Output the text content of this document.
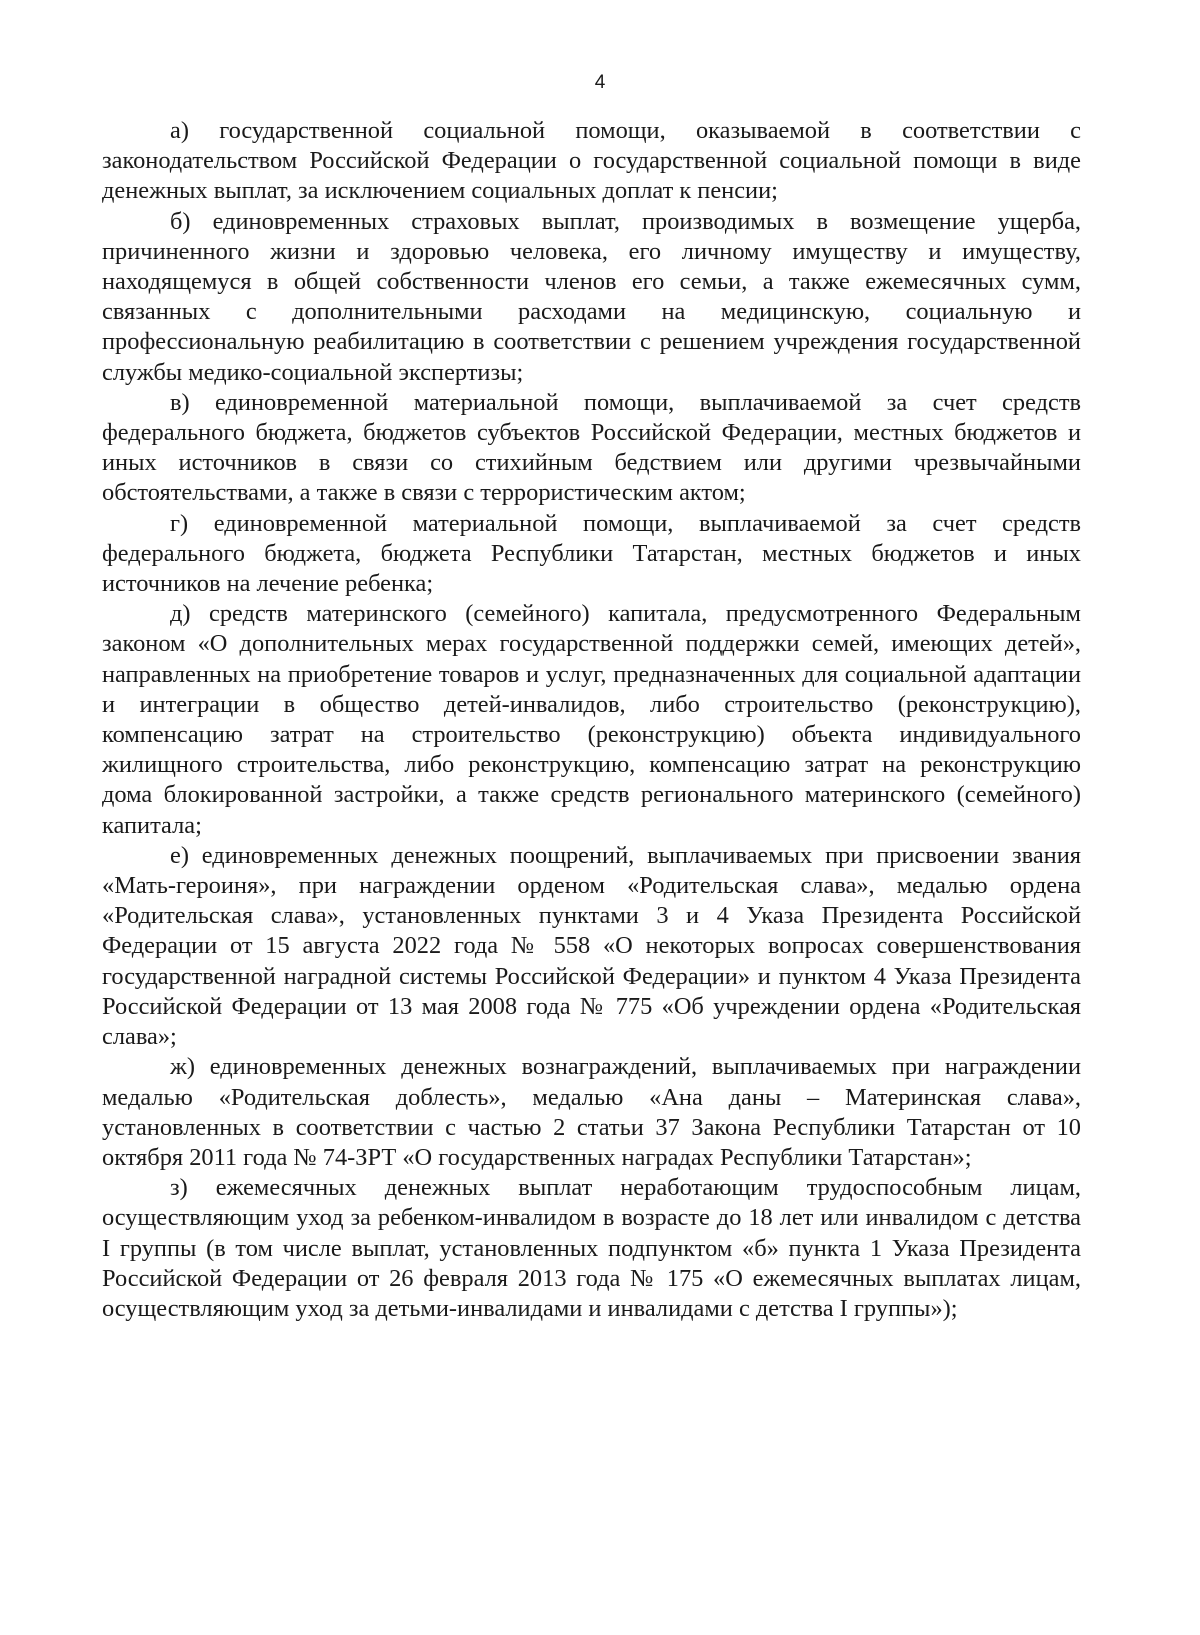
4

а) государственной социальной помощи, оказываемой в соответствии с законодательством Российской Федерации о государственной социальной помощи в виде денежных выплат, за исключением социальных доплат к пенсии;

б) единовременных страховых выплат, производимых в возмещение ущерба, причиненного жизни и здоровью человека, его личному имуществу и имуществу, находящемуся в общей собственности членов его семьи, а также ежемесячных сумм, связанных с дополнительными расходами на медицинскую, социальную и профессиональную реабилитацию в соответствии с решением учреждения государственной службы медико-социальной экспертизы;

в) единовременной материальной помощи, выплачиваемой за счет средств федерального бюджета, бюджетов субъектов Российской Федерации, местных бюджетов и иных источников в связи со стихийным бедствием или другими чрезвычайными обстоятельствами, а также в связи с террористическим актом;

г) единовременной материальной помощи, выплачиваемой за счет средств федерального бюджета, бюджета Республики Татарстан, местных бюджетов и иных источников на лечение ребенка;

д) средств материнского (семейного) капитала, предусмотренного Федеральным законом «О дополнительных мерах государственной поддержки семей, имеющих детей», направленных на приобретение товаров и услуг, предназначенных для социальной адаптации и интеграции в общество детей-инвалидов, либо строительство (реконструкцию), компенсацию затрат на строительство (реконструкцию) объекта индивидуального жилищного строительства, либо реконструкцию, компенсацию затрат на реконструкцию дома блокированной застройки, а также средств регионального материнского (семейного) капитала;

е) единовременных денежных поощрений, выплачиваемых при присвоении звания «Мать-героиня», при награждении орденом «Родительская слава», медалью ордена «Родительская слава», установленных пунктами 3 и 4 Указа Президента Российской Федерации от 15 августа 2022 года № 558 «О некоторых вопросах совершенствования государственной наградной системы Российской Федерации» и пунктом 4 Указа Президента Российской Федерации от 13 мая 2008 года № 775 «Об учреждении ордена «Родительская слава»;

ж) единовременных денежных вознаграждений, выплачиваемых при награждении медалью «Родительская доблесть», медалью «Ана даны – Материнская слава», установленных в соответствии с частью 2 статьи 37 Закона Республики Татарстан от 10 октября 2011 года № 74-ЗРТ «О государственных наградах Республики Татарстан»;

з) ежемесячных денежных выплат неработающим трудоспособным лицам, осуществляющим уход за ребенком-инвалидом в возрасте до 18 лет или инвалидом с детства I группы (в том числе выплат, установленных подпунктом «б» пункта 1 Указа Президента Российской Федерации от 26 февраля 2013 года № 175 «О ежемесячных выплатах лицам, осуществляющим уход за детьми-инвалидами и инвалидами с детства I группы»);
